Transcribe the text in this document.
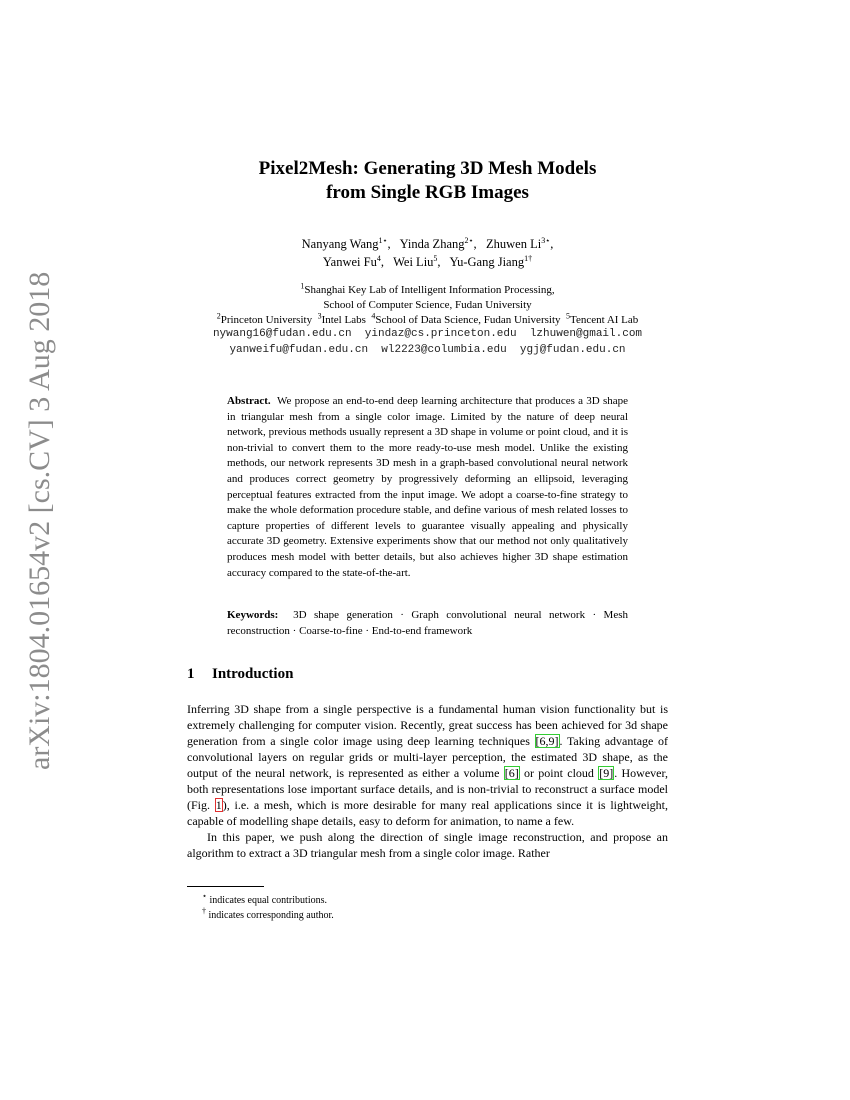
arXiv:1804.01654v2 [cs.CV] 3 Aug 2018
Pixel2Mesh: Generating 3D Mesh Models
from Single RGB Images
Nanyang Wang$^{1⋆}$,   Yinda Zhang$^{2⋆}$,   Zhuwen $Li^{3⋆}$,
Yanwei Fu$^4$,   Wei Liu$^5$,   Yu-Gang Jiang$^{1\dagger}$
$^1$Shanghai Key Lab of Intelligent Information Processing,
School of Computer Science, Fudan University
$^2$Princeton University $^3$Intel Labs $^4$School of Data Science, Fudan University $^5$Tencent AI Lab
nywang16@fudan.edu.cn yindaz@cs.princeton.edu lzhuwen@gmail.com
yanweifu@fudan.edu.cn wl2223@columbia.edu ygj@fudan.edu.cn
Abstract. We propose an end-to-end deep learning architecture that produces a 3D shape in triangular mesh from a single color image. Limited by the nature of deep neural network, previous methods usually represent a 3D shape in volume or point cloud, and it is non-trivial to convert them to the more ready-to-use mesh model. Unlike the existing methods, our network represents 3D mesh in a graph-based convolutional neural network and produces correct geometry by progressively deforming an ellipsoid, leveraging perceptual features extracted from the input image. We adopt a coarse-to-fine strategy to make the whole deformation procedure stable, and define various of mesh related losses to capture properties of different levels to guarantee visually appealing and physically accurate 3D geometry. Extensive experiments show that our method not only qualitatively produces mesh model with better details, but also achieves higher 3D shape estimation accuracy compared to the state-of-the-art.
Keywords: 3D shape generation · Graph convolutional neural network · Mesh reconstruction · Coarse-to-fine · End-to-end framework
1 Introduction

Inferring 3D shape from a single perspective is a fundamental human vision functionality but is extremely challenging for computer vision. Recently, great success has been achieved for 3d shape generation from a single color image using deep learning techniques [6,9]. Taking advantage of convolutional layers on regular grids or multi-layer perception, the estimated 3D shape, as the output of the neural network, is represented as either a volume [6] or point cloud [9]. However, both representations lose important surface details, and is non-trivial to reconstruct a surface model (Fig. 1), i.e. a mesh, which is more desirable for many real applications since it is lightweight, capable of modelling shape details, easy to deform for animation, to name a few.

In this paper, we push along the direction of single image reconstruction, and propose an algorithm to extract a 3D triangular mesh from a single color image. Rather

⋆ indicates equal contributions.
† indicates corresponding author.
